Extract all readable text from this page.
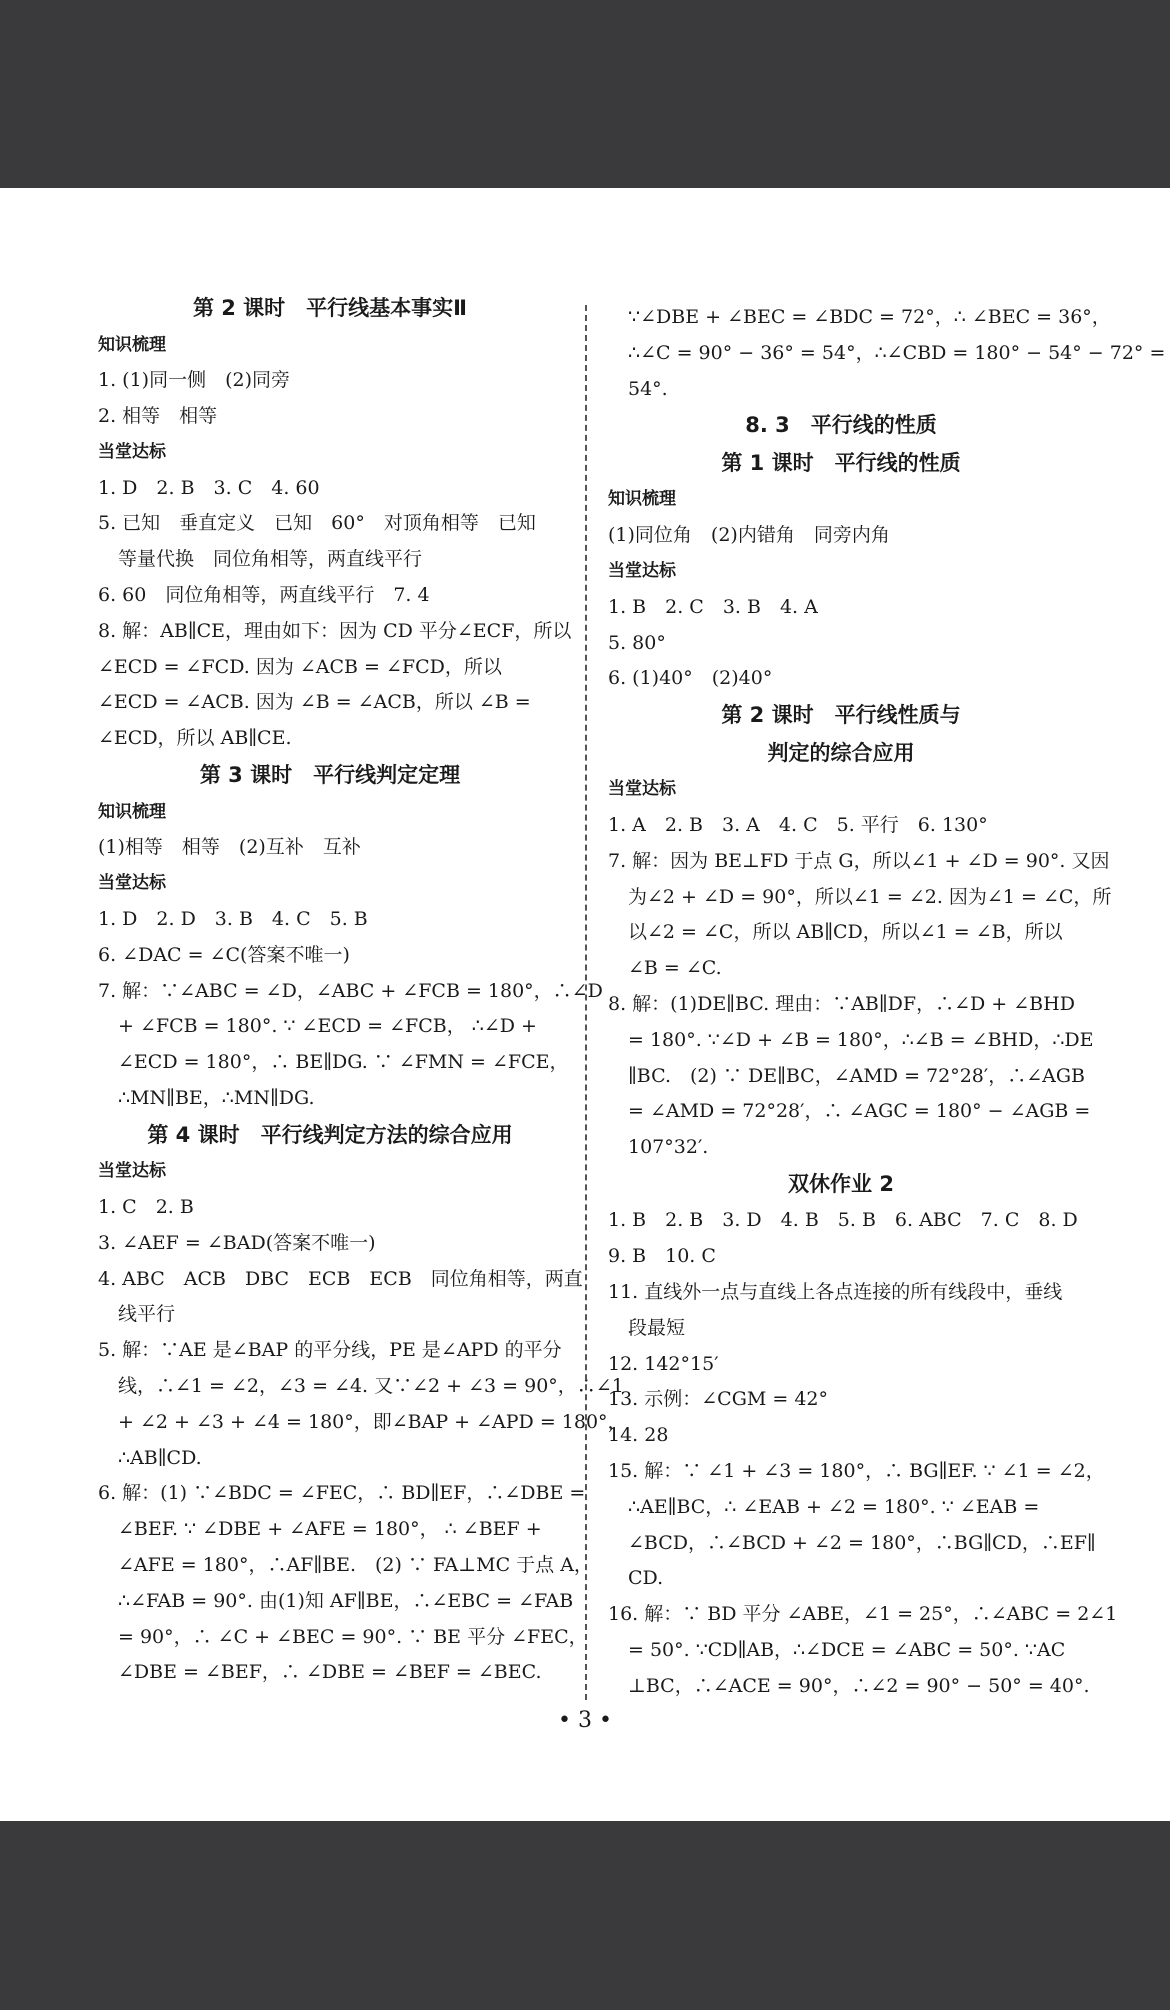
第 2 课时　平行线基本事实Ⅱ
知识梳理
1. (1)同一侧　(2)同旁
2. 相等　相等
当堂达标
1. D　2. B　3. C　4. 60
5. 已知　垂直定义　已知　60°　对顶角相等　已知
等量代换　同位角相等，两直线平行
6. 60　同位角相等，两直线平行　7. 4
8. 解：AB∥CE，理由如下：因为 CD 平分∠ECF，所以
∠ECD = ∠FCD. 因为 ∠ACB = ∠FCD，所以
∠ECD = ∠ACB. 因为 ∠B = ∠ACB，所以 ∠B =
∠ECD，所以 AB∥CE.
第 3 课时　平行线判定定理
知识梳理
(1)相等　相等　(2)互补　互补
当堂达标
1. D　2. D　3. B　4. C　5. B
6. ∠DAC = ∠C(答案不唯一)
7. 解：∵∠ABC = ∠D，∠ABC + ∠FCB = 180°，∴∠D
+ ∠FCB = 180°. ∵ ∠ECD = ∠FCB， ∴∠D +
∠ECD = 180°，∴ BE∥DG. ∵ ∠FMN = ∠FCE，
∴MN∥BE，∴MN∥DG.
第 4 课时　平行线判定方法的综合应用
当堂达标
1. C　2. B
3. ∠AEF = ∠BAD(答案不唯一)
4. ABC　ACB　DBC　ECB　ECB　同位角相等，两直
线平行
5. 解：∵AE 是∠BAP 的平分线，PE 是∠APD 的平分
线，∴∠1 = ∠2，∠3 = ∠4. 又∵∠2 + ∠3 = 90°，∴∠1
+ ∠2 + ∠3 + ∠4 = 180°，即∠BAP + ∠APD = 180°，
∴AB∥CD.
6. 解：(1) ∵∠BDC = ∠FEC，∴ BD∥EF，∴∠DBE =
∠BEF. ∵ ∠DBE + ∠AFE = 180°， ∴ ∠BEF +
∠AFE = 180°，∴AF∥BE.　(2) ∵ FA⊥MC 于点 A，
∴∠FAB = 90°. 由(1)知 AF∥BE，∴∠EBC = ∠FAB
= 90°，∴ ∠C + ∠BEC = 90°. ∵ BE 平分 ∠FEC，
∠DBE = ∠BEF，∴ ∠DBE = ∠BEF = ∠BEC.
∵∠DBE + ∠BEC = ∠BDC = 72°，∴ ∠BEC = 36°，
∴∠C = 90° − 36° = 54°，∴∠CBD = 180° − 54° − 72° =
54°.
8. 3　平行线的性质
第 1 课时　平行线的性质
知识梳理
(1)同位角　(2)内错角　同旁内角
当堂达标
1. B　2. C　3. B　4. A
5. 80°
6. (1)40°　(2)40°
第 2 课时　平行线性质与
判定的综合应用
当堂达标
1. A　2. B　3. A　4. C　5. 平行　6. 130°
7. 解：因为 BE⊥FD 于点 G，所以∠1 + ∠D = 90°. 又因
为∠2 + ∠D = 90°，所以∠1 = ∠2. 因为∠1 = ∠C，所
以∠2 = ∠C，所以 AB∥CD，所以∠1 = ∠B，所以
∠B = ∠C.
8. 解：(1)DE∥BC. 理由：∵AB∥DF，∴∠D + ∠BHD
= 180°. ∵∠D + ∠B = 180°，∴∠B = ∠BHD，∴DE
∥BC.　(2) ∵ DE∥BC，∠AMD = 72°28′，∴∠AGB
= ∠AMD = 72°28′，∴ ∠AGC = 180° − ∠AGB =
107°32′.
双休作业 2
1. B　2. B　3. D　4. B　5. B　6. ABC　7. C　8. D
9. B　10. C
11. 直线外一点与直线上各点连接的所有线段中，垂线
段最短
12. 142°15′
13. 示例：∠CGM = 42°
14. 28
15. 解：∵ ∠1 + ∠3 = 180°，∴ BG∥EF. ∵ ∠1 = ∠2，
∴AE∥BC，∴ ∠EAB + ∠2 = 180°. ∵ ∠EAB =
∠BCD，∴∠BCD + ∠2 = 180°，∴BG∥CD，∴EF∥
CD.
16. 解：∵ BD 平分 ∠ABE，∠1 = 25°，∴∠ABC = 2∠1
= 50°. ∵CD∥AB，∴∠DCE = ∠ABC = 50°. ∵AC
⊥BC，∴∠ACE = 90°，∴∠2 = 90° − 50° = 40°.
• 3 •
